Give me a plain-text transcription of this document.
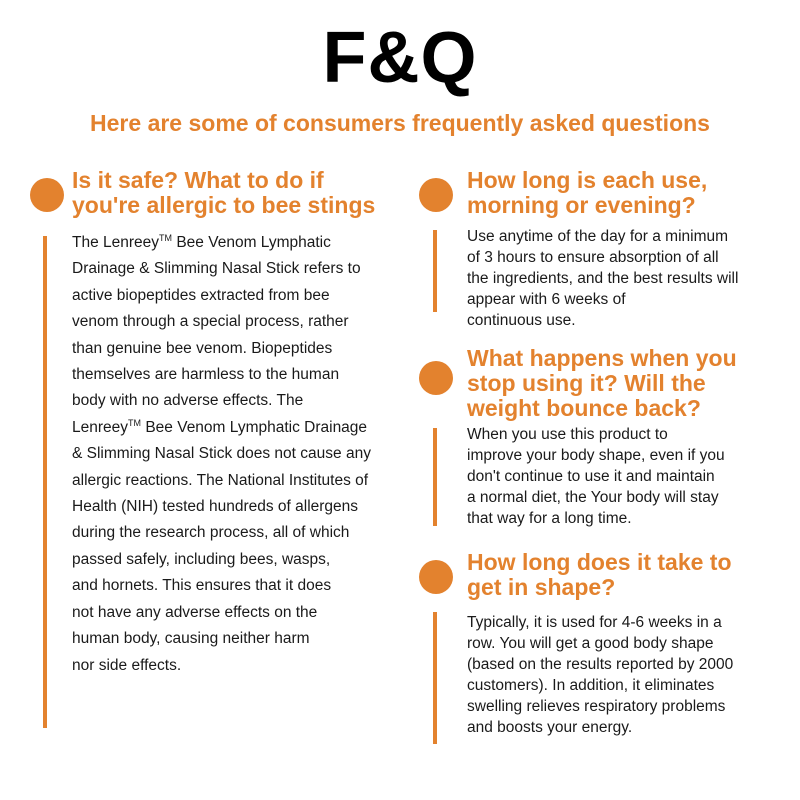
F&Q
Here are some of consumers frequently asked questions
Is it safe? What to do if
you're allergic to bee stings
The Lenreey™ Bee Venom Lymphatic
Drainage & Slimming Nasal Stick refers to
active biopeptides extracted from bee
venom through a special process, rather
than genuine bee venom. Biopeptides
themselves are harmless to the human
body with no adverse effects. The
Lenreey™ Bee Venom Lymphatic Drainage
& Slimming Nasal Stick does not cause any
allergic reactions. The National Institutes of
Health (NIH) tested hundreds of allergens
during the research process, all of which
passed safely, including bees, wasps,
and hornets. This ensures that it does
not have any adverse effects on the
human body, causing neither harm
nor side effects.
How long is each use,
morning or evening?
Use anytime of the day for a minimum
of 3 hours to ensure absorption of all
the ingredients, and the best results will
appear with 6 weeks of
continuous use.
What happens when you
stop using it? Will the
weight bounce back?
When you use this product to
improve your body shape, even if you
don't continue to use it and maintain
a normal diet, the Your body will stay
that way for a long time.
How long does it take to
get in shape?
Typically, it is used for 4-6 weeks in a
row. You will get a good body shape
(based on the results reported by 2000
customers). In addition, it eliminates
swelling relieves respiratory problems
and boosts your energy.
